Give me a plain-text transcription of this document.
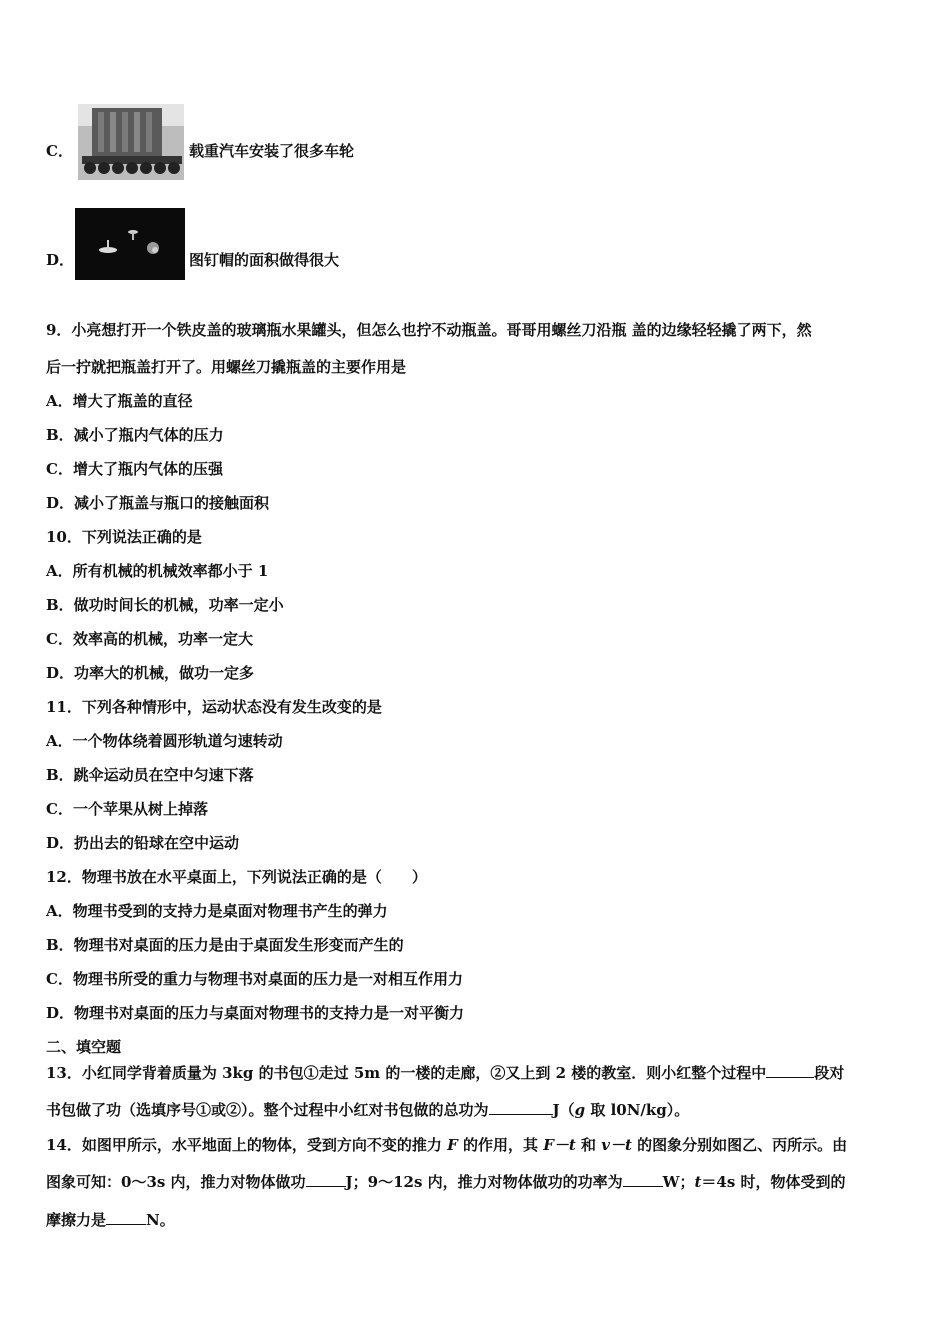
C．	载重汽车安装了很多车轮
D．	图钉帽的面积做得很大
9．小亮想打开一个铁皮盖的玻璃瓶水果罐头，但怎么也拧不动瓶盖。哥哥用螺丝刀沿瓶 盖的边缘轻轻撬了两下，然
后一拧就把瓶盖打开了。用螺丝刀撬瓶盖的主要作用是
A．增大了瓶盖的直径
B．减小了瓶内气体的压力
C．增大了瓶内气体的压强
D．减小了瓶盖与瓶口的接触面积
10．下列说法正确的是
A．所有机械的机械效率都小于 1
B．做功时间长的机械，功率一定小
C．效率高的机械，功率一定大
D．功率大的机械，做功一定多
11．下列各种情形中，运动状态没有发生改变的是
A．一个物体绕着圆形轨道匀速转动
B．跳伞运动员在空中匀速下落
C．一个苹果从树上掉落
D．扔出去的铅球在空中运动
12．物理书放在水平桌面上，下列说法正确的是（　　）
A．物理书受到的支持力是桌面对物理书产生的弹力
B．物理书对桌面的压力是由于桌面发生形变而产生的
C．物理书所受的重力与物理书对桌面的压力是一对相互作用力
D．物理书对桌面的压力与桌面对物理书的支持力是一对平衡力
二、填空题
13．小红同学背着质量为 3kg 的书包①走过 5m 的一楼的走廊，②又上到 2 楼的教室．则小红整个过程中	段对
书包做了功（选填序号①或②）。整个过程中小红对书包做的总功为	J（g 取 l0N/kg）。
14．如图甲所示，水平地面上的物体，受到方向不变的推力 F 的作用，其 F－t 和 v－t 的图象分别如图乙、丙所示。由
图象可知：0～3s 内，推力对物体做功	J；9～12s 内，推力对物体做功的功率为	W；t＝4s 时，物体受到的
摩擦力是	N。
